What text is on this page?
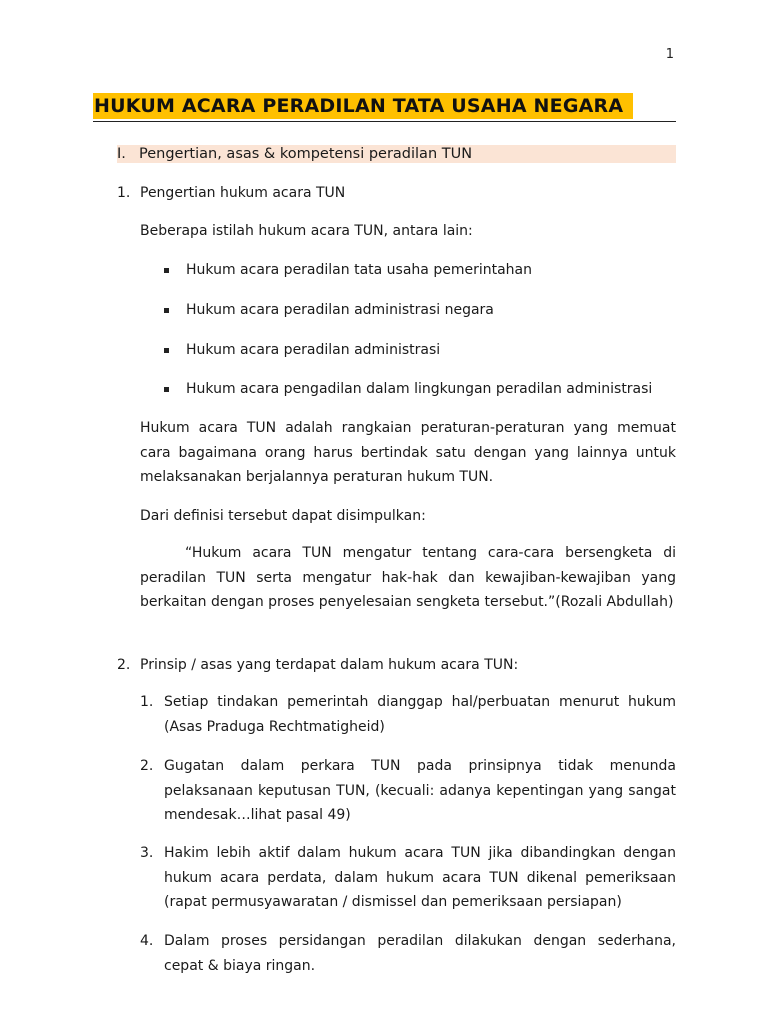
1
HUKUM ACARA PERADILAN TATA USAHA NEGARA
I. Pengertian, asas & kompetensi peradilan TUN
1. Pengertian hukum acara TUN
Beberapa istilah hukum acara TUN, antara lain:
Hukum acara peradilan tata usaha pemerintahan
Hukum acara peradilan administrasi negara
Hukum acara peradilan administrasi
Hukum acara pengadilan dalam lingkungan peradilan administrasi
Hukum acara TUN adalah rangkaian peraturan-peraturan yang memuat cara bagaimana orang harus bertindak satu dengan yang lainnya untuk melaksanakan berjalannya peraturan hukum TUN.
Dari definisi tersebut dapat disimpulkan:
“Hukum acara TUN mengatur tentang cara-cara bersengketa di peradilan TUN serta mengatur hak-hak dan kewajiban-kewajiban yang berkaitan dengan proses penyelesaian sengketa tersebut.”(Rozali Abdullah)
2. Prinsip / asas yang terdapat dalam hukum acara TUN:
1. Setiap tindakan pemerintah dianggap hal/perbuatan menurut hukum (Asas Praduga Rechtmatigheid)
2. Gugatan dalam perkara TUN pada prinsipnya tidak menunda pelaksanaan keputusan TUN, (kecuali: adanya kepentingan yang sangat mendesak…lihat pasal 49)
3. Hakim lebih aktif dalam hukum acara TUN jika dibandingkan dengan hukum acara perdata, dalam hukum acara TUN dikenal pemeriksaan (rapat permusyawaratan / dismissel dan pemeriksaan persiapan)
4. Dalam proses persidangan peradilan dilakukan dengan sederhana, cepat & biaya ringan.
